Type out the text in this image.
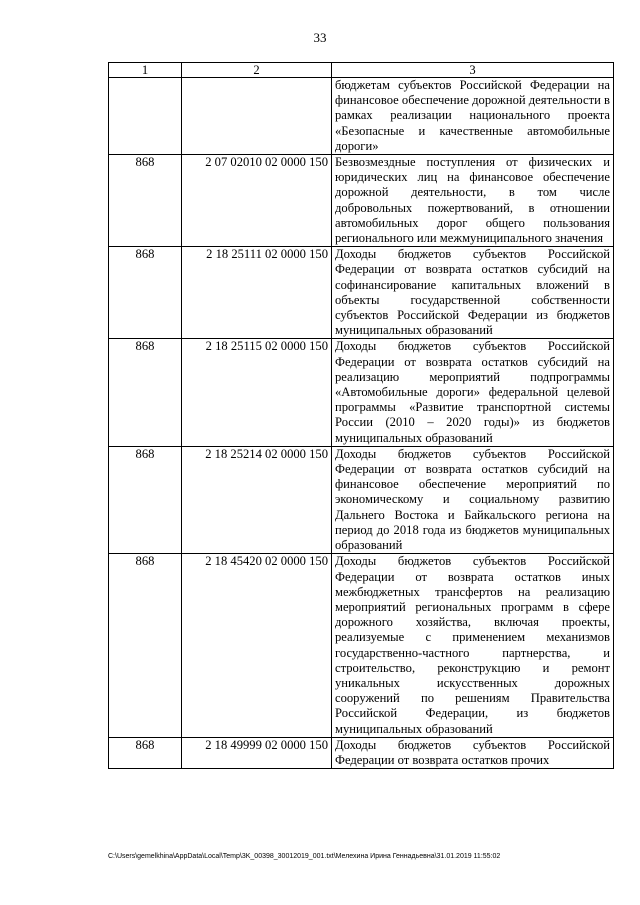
33
1	2	3
		бюджетам субъектов Российской Федерации на финансовое обеспечение дорожной деятельности в рамках реализации национального проекта «Безопасные и качественные автомобильные дороги»
868	2 07 02010 02 0000 150	Безвозмездные поступления от физических и юридических лиц на финансовое обеспечение дорожной деятельности, в том числе добровольных пожертвований, в отношении автомобильных дорог общего пользования регионального или межмуниципального значения
868	2 18 25111 02 0000 150	Доходы бюджетов субъектов Российской Федерации от возврата остатков субсидий на софинансирование капитальных вложений в объекты государственной собственности субъектов Российской Федерации из бюджетов муниципальных образований
868	2 18 25115 02 0000 150	Доходы бюджетов субъектов Российской Федерации от возврата остатков субсидий на реализацию мероприятий подпрограммы «Автомобильные дороги» федеральной целевой программы «Развитие транспортной системы России (2010 – 2020 годы)» из бюджетов муниципальных образований
868	2 18 25214 02 0000 150	Доходы бюджетов субъектов Российской Федерации от возврата остатков субсидий на финансовое обеспечение мероприятий по экономическому и социальному развитию Дальнего Востока и Байкальского региона на период до 2018 года из бюджетов муниципальных образований
868	2 18 45420 02 0000 150	Доходы бюджетов субъектов Российской Федерации от возврата остатков иных межбюджетных трансфертов на реализацию мероприятий региональных программ в сфере дорожного хозяйства, включая проекты, реализуемые с применением механизмов государственно-частного партнерства, и строительство, реконструкцию и ремонт уникальных искусственных дорожных сооружений по решениям Правительства Российской Федерации, из бюджетов муниципальных образований
868	2 18 49999 02 0000 150	Доходы бюджетов субъектов Российской Федерации от возврата остатков прочих
C:\Users\gemelkhina\AppData\Local\Temp\3K_00398_30012019_001.txt\Мелехина Ирина Геннадьевна\31.01.2019 11:55:02
